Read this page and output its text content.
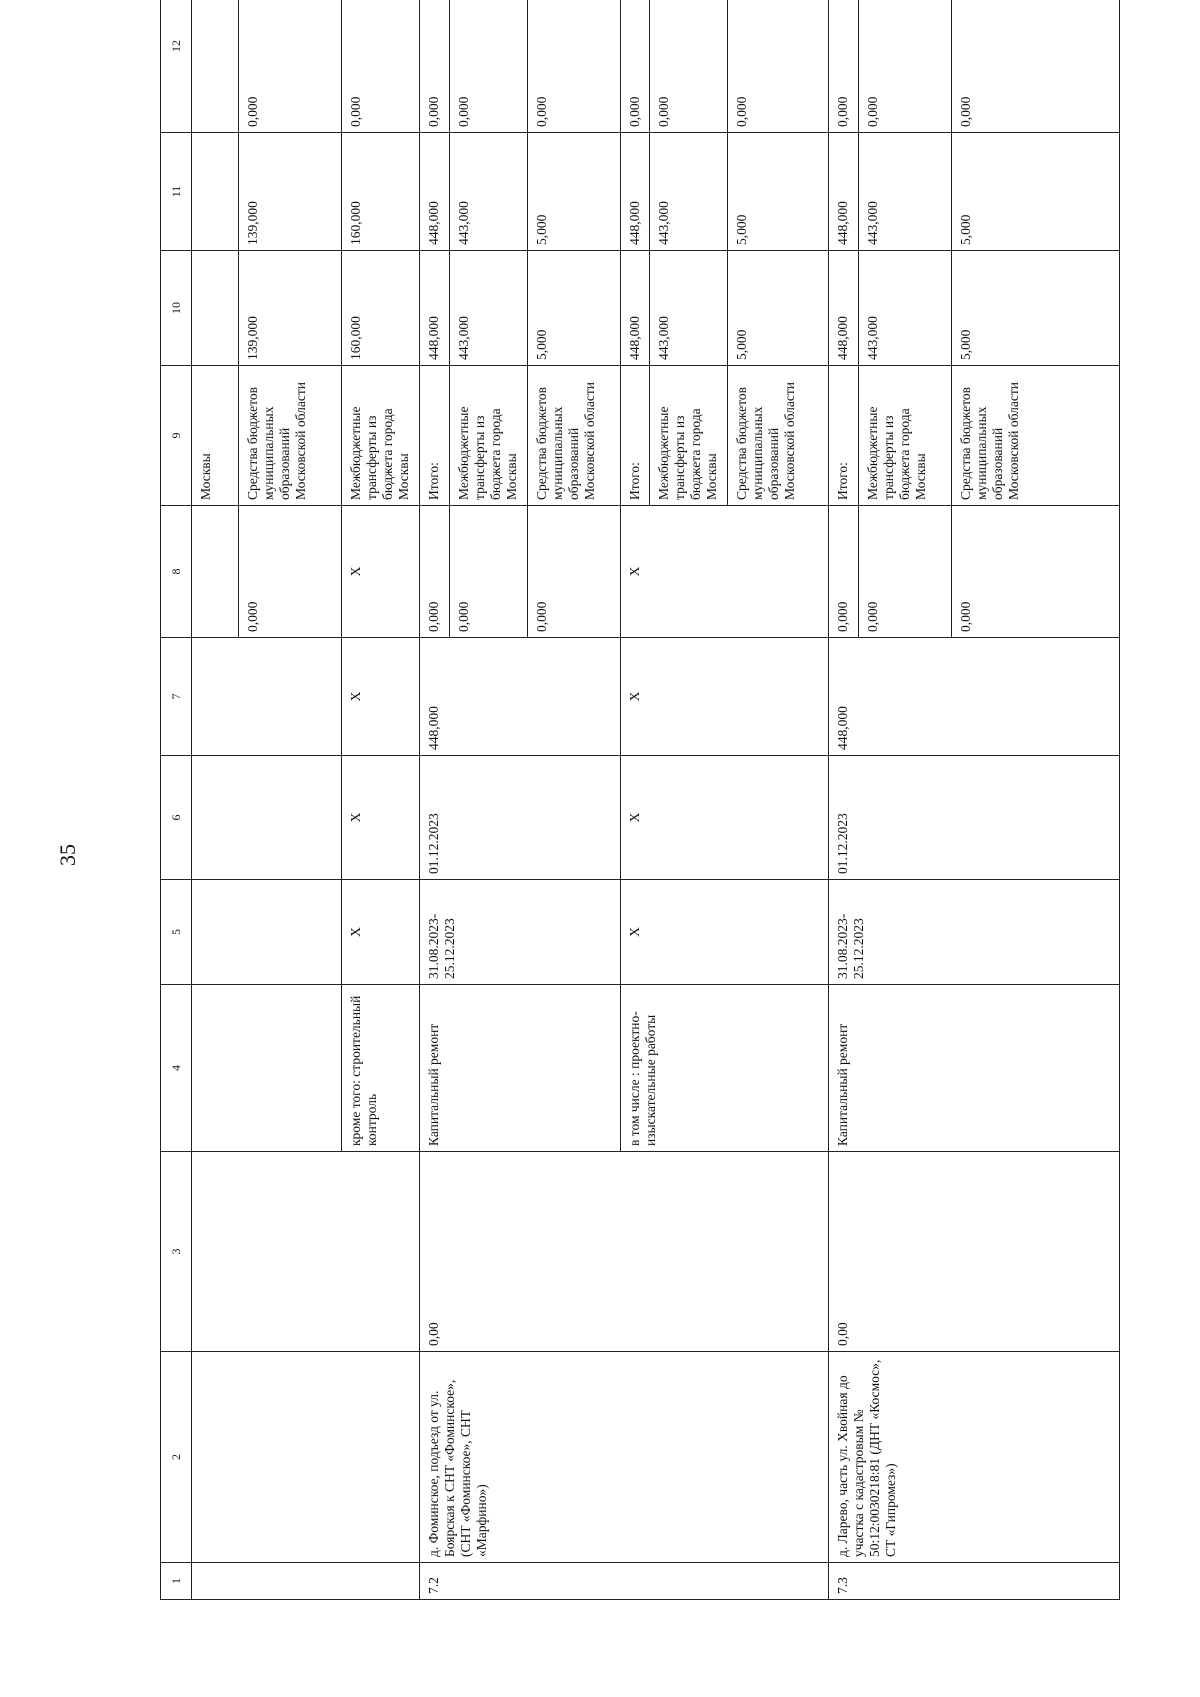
35
1	2	3	4	5	6	7	8	9	10	11	12
								Москвы			
							0,000	Средства бюджетов муниципальных образований Московской области	139,000	139,000	0,000
			кроме того: строительный контроль	X	X	X	X	Межбюджетные трансферты из бюджета города Москвы	160,000	160,000	0,000
7.2	д. Фоминское, подъезд от ул. Боярская к СНТ «Фоминское», (СНТ «Фоминское», СНТ «Марфино»)	0,00	Капитальный ремонт	31.08.2023-25.12.2023	01.12.2023	448,000	0,000	Итого:	448,000	448,000	0,000
							0,000	Межбюджетные трансферты из бюджета города Москвы	443,000	443,000	0,000
							0,000	Средства бюджетов муниципальных образований Московской области	5,000	5,000	0,000
			в том числе : проектно-изыскательные работы	X	X	X	X	Итого:	448,000	448,000	0,000
								Межбюджетные трансферты из бюджета города Москвы	443,000	443,000	0,000
								Средства бюджетов муниципальных образований Московской области	5,000	5,000	0,000
7.3	д. Ларево, часть ул. Хвойная до участка с кадастровым № 50:12:0030218:81 (ДНТ «Космос», СТ «Гипромез»)	0,00	Капитальный ремонт	31.08.2023-25.12.2023	01.12.2023	448,000	0,000	Итого:	448,000	448,000	0,000
							0,000	Межбюджетные трансферты из бюджета города Москвы	443,000	443,000	0,000
							0,000	Средства бюджетов муниципальных образований Московской области	5,000	5,000	0,000
